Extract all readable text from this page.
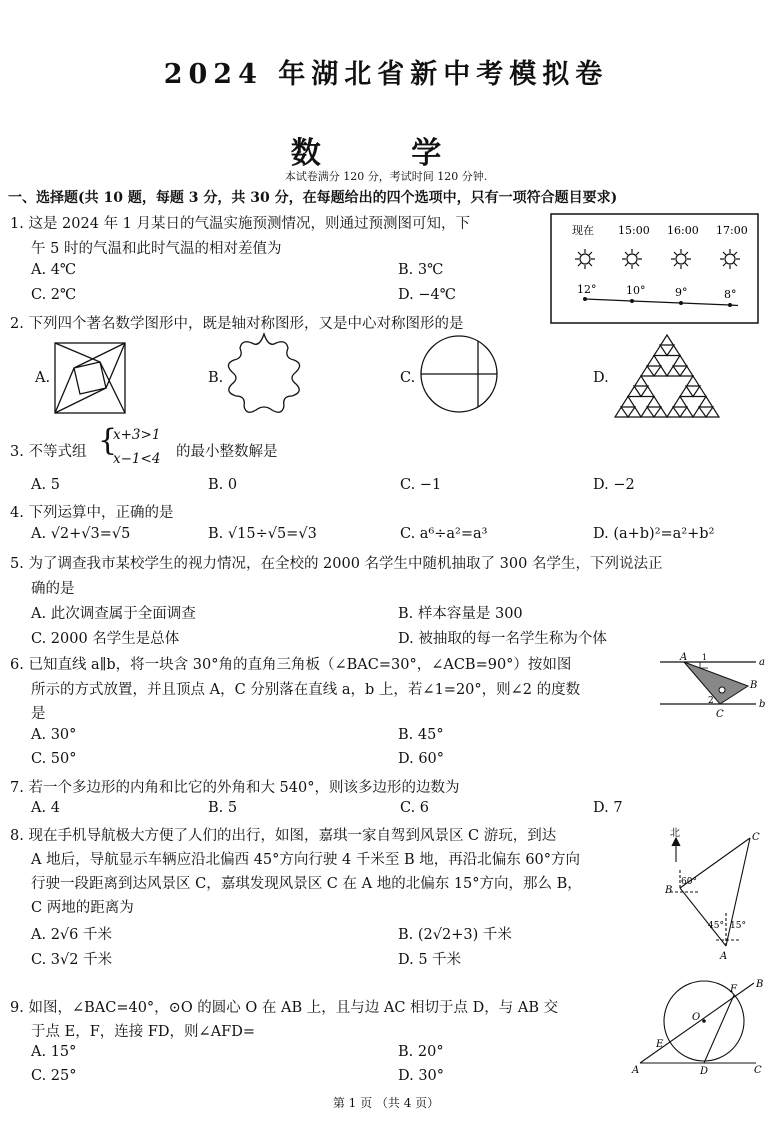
2024 年湖北省新中考模拟卷
数 学
本试卷满分 120 分，考试时间 120 分钟.
一、选择题(共 10 题，每题 3 分，共 30 分，在每题给出的四个选项中，只有一项符合题目要求)
1. 这是 2024 年 1 月某日的气温实施预测情况，则通过预测图可知，下
午 5 时的气温和此时气温的相对差值为
A. 4℃	B. 3℃
C. 2℃	D. −4℃
现在 15:00 16:00 17:00
12°	10°	9°	8°
2. 下列四个著名数学图形中，既是轴对称图形，又是中心对称图形的是
A.	B.	C.	D.
3. 不等式组 {
x+3>1
x−1<4 的最小整数解是
A. 5	B. 0	C. −1	D. −2
4. 下列运算中，正确的是
A. √2+√3=√5	B. √15÷√5=√3	C. a⁶÷a²=a³	D. (a+b)²=a²+b²
5. 为了调查我市某校学生的视力情况，在全校的 2000 名学生中随机抽取了 300 名学生，下列说法正
确的是
A. 此次调查属于全面调查	B. 样本容量是 300
C. 2000 名学生是总体	D. 被抽取的每一名学生称为个体
6. 已知直线 a∥b，将一块含 30°角的直角三角板（∠BAC=30°，∠ACB=90°）按如图
所示的方式放置，并且顶点 A，C 分别落在直线 a，b 上，若∠1=20°，则∠2 的度数
是
A. 30°	B. 45°
C. 50°	D. 60°
A
B
C
a
b
1
2
7. 若一个多边形的内角和比它的外角和大 540°，则该多边形的边数为
A. 4	B. 5	C. 6	D. 7
8. 现在手机导航极大方便了人们的出行，如图，嘉琪一家自驾到风景区 C 游玩，到达
A 地后，导航显示车辆应沿北偏西 45°方向行驶 4 千米至 B 地，再沿北偏东 60°方向
行驶一段距离到达风景区 C，嘉琪发现风景区 C 在 A 地的北偏东 15°方向，那么 B，
C 两地的距离为
A. 2√6 千米	B. (2√2+3) 千米
C. 3√2 千米	D. 5 千米
北	C
B
A
60°
45° 15°
9. 如图，∠BAC=40°，⊙O 的圆心 O 在 AB 上，且与边 AC 相切于点 D，与 AB 交
于点 E，F，连接 FD，则∠AFD=
A. 15°	B. 20°
C. 25°	D. 30°	A
B
C
D
E
F
O
第 1 页 （共 4 页）
